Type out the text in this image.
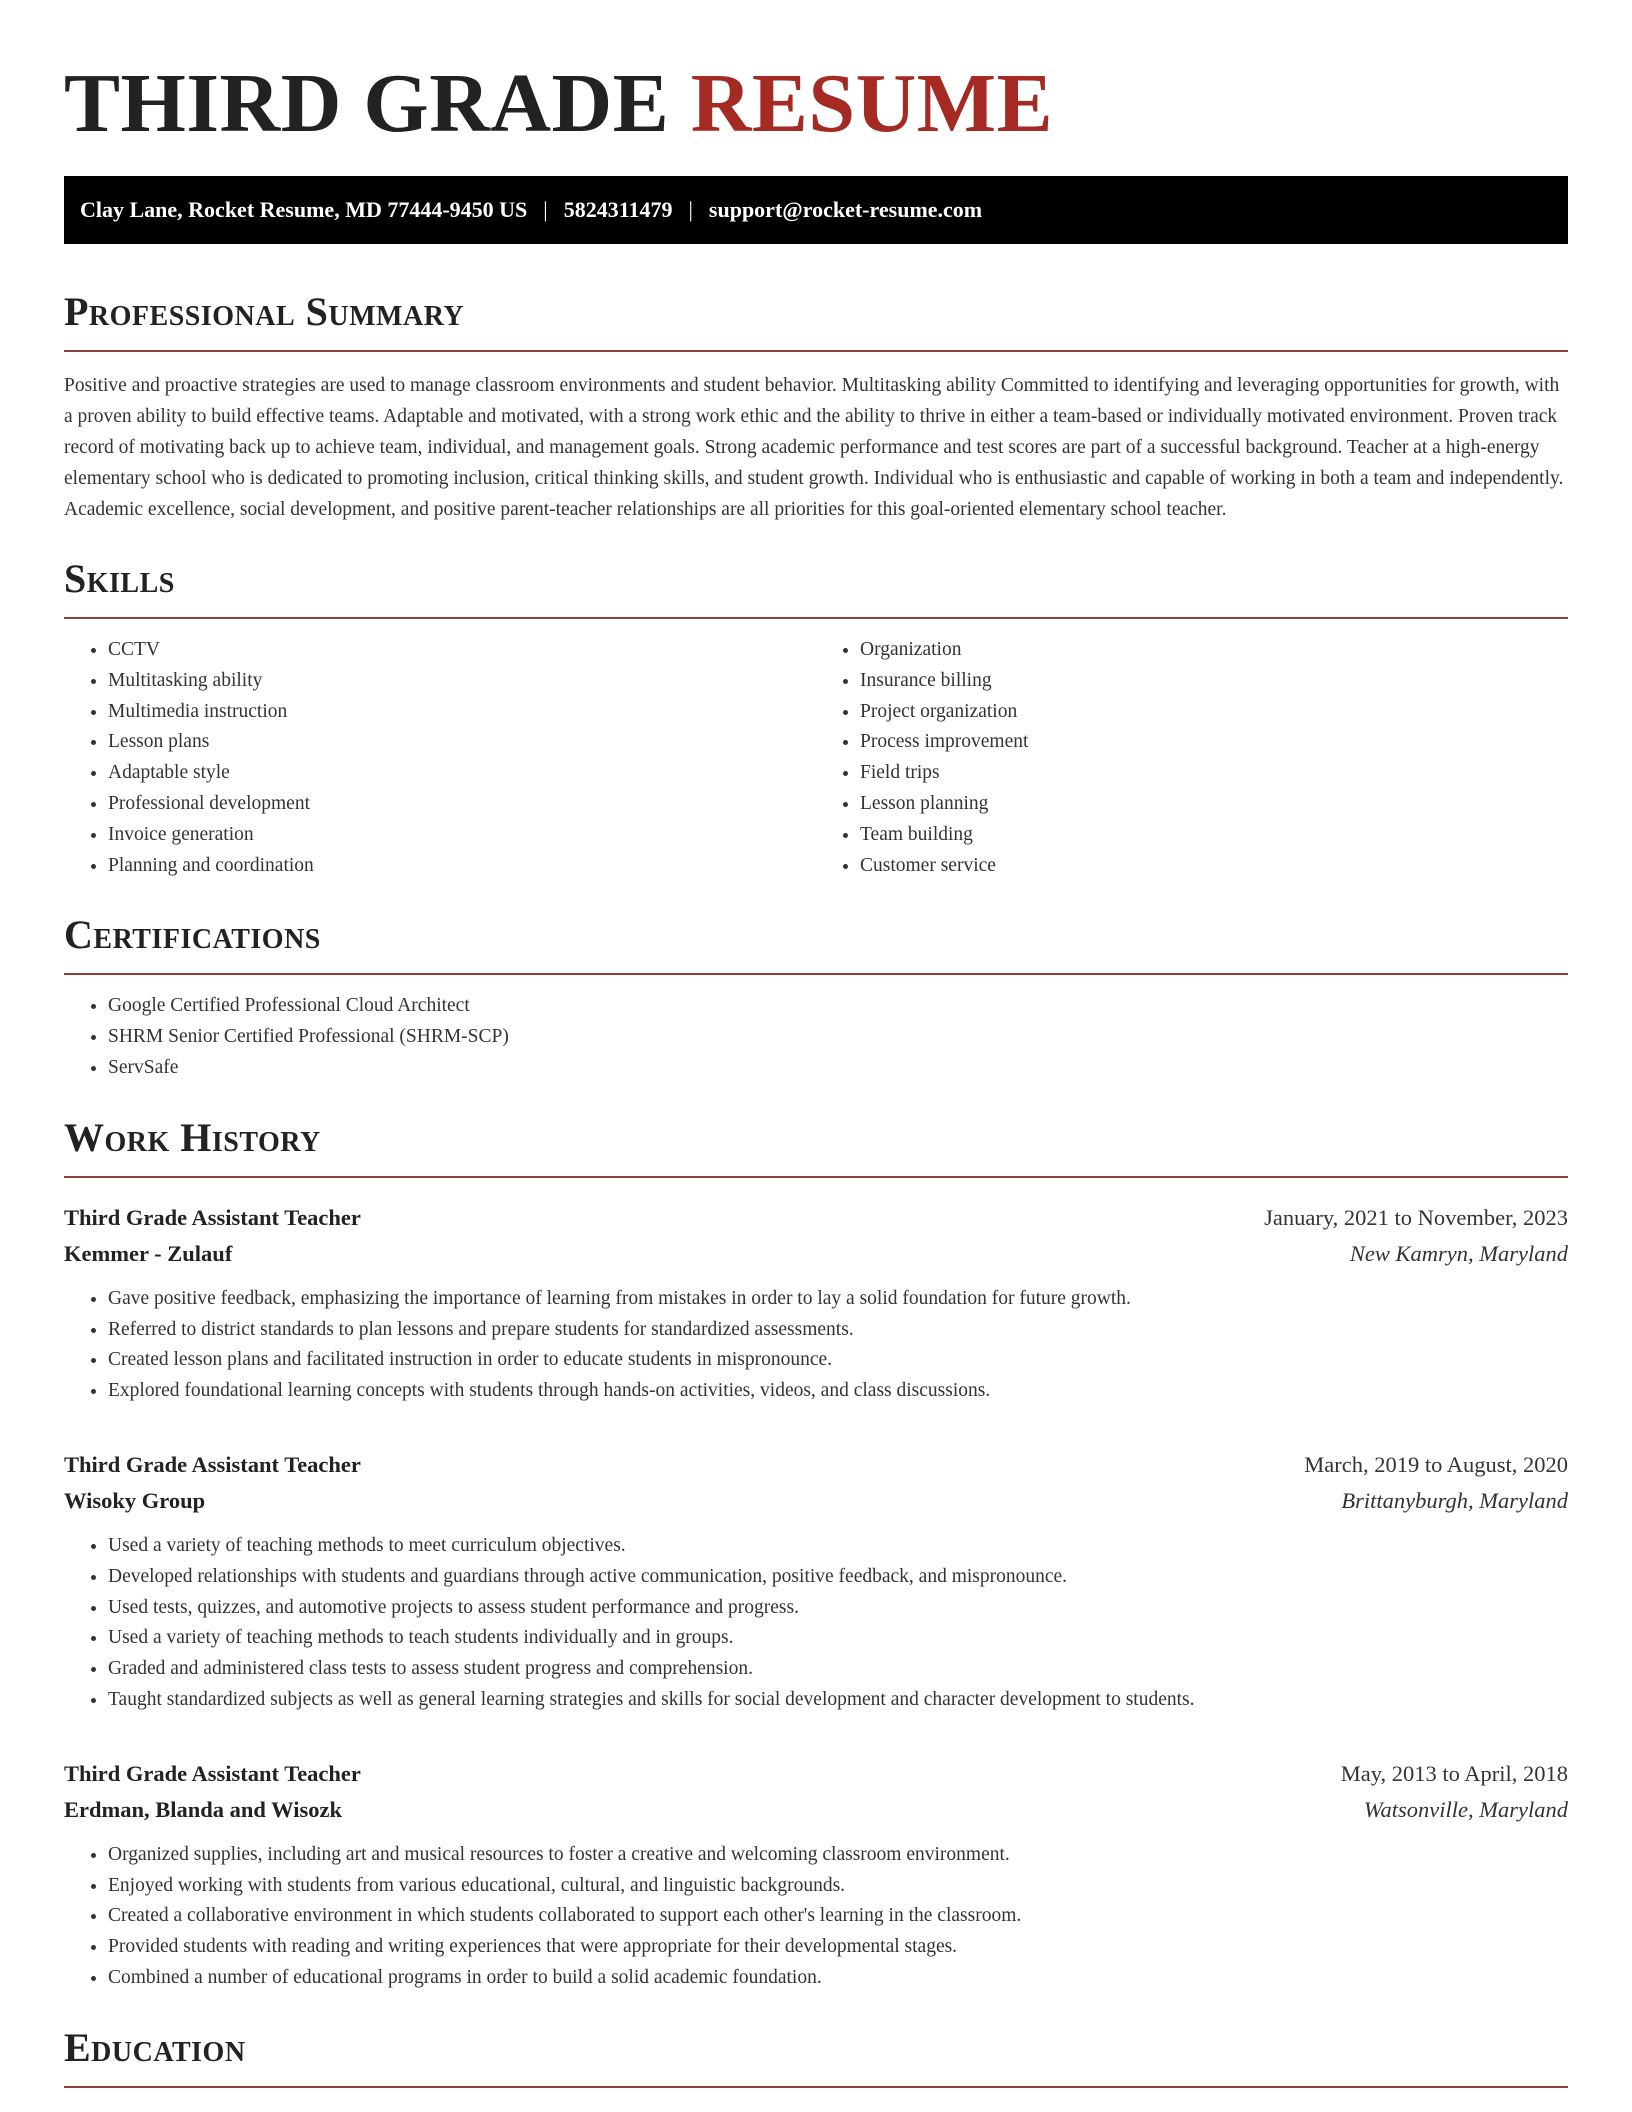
THIRD GRADE RESUME
Clay Lane, Rocket Resume, MD 77444-9450 US | 5824311479 | support@rocket-resume.com
Professional Summary

Positive and proactive strategies are used to manage classroom environments and student behavior. Multitasking ability Committed to identifying and leveraging opportunities for growth, with a proven ability to build effective teams. Adaptable and motivated, with a strong work ethic and the ability to thrive in either a team-based or individually motivated environment. Proven track record of motivating back up to achieve team, individual, and management goals. Strong academic performance and test scores are part of a successful background. Teacher at a high-energy elementary school who is dedicated to promoting inclusion, critical thinking skills, and student growth. Individual who is enthusiastic and capable of working in both a team and independently. Academic excellence, social development, and positive parent-teacher relationships are all priorities for this goal-oriented elementary school teacher.

Skills
• CCTV
• Multitasking ability
• Multimedia instruction
• Lesson plans
• Adaptable style
• Professional development
• Invoice generation
• Planning and coordination
• Organization
• Insurance billing
• Project organization
• Process improvement
• Field trips
• Lesson planning
• Team building
• Customer service
Certifications
• Google Certified Professional Cloud Architect
• SHRM Senior Certified Professional (SHRM-SCP)
• ServSafe
Work History
Third Grade Assistant Teacher	January, 2021 to November, 2023
Kemmer - Zulauf	New Kamryn, Maryland
• Gave positive feedback, emphasizing the importance of learning from mistakes in order to lay a solid foundation for future growth.
• Referred to district standards to plan lessons and prepare students for standardized assessments.
• Created lesson plans and facilitated instruction in order to educate students in mispronounce.
• Explored foundational learning concepts with students through hands-on activities, videos, and class discussions.
Third Grade Assistant Teacher	March, 2019 to August, 2020
Wisoky Group	Brittanyburgh, Maryland
• Used a variety of teaching methods to meet curriculum objectives.
• Developed relationships with students and guardians through active communication, positive feedback, and mispronounce.
• Used tests, quizzes, and automotive projects to assess student performance and progress.
• Used a variety of teaching methods to teach students individually and in groups.
• Graded and administered class tests to assess student progress and comprehension.
• Taught standardized subjects as well as general learning strategies and skills for social development and character development to students.
Third Grade Assistant Teacher	May, 2013 to April, 2018
Erdman, Blanda and Wisozk	Watsonville, Maryland
• Organized supplies, including art and musical resources to foster a creative and welcoming classroom environment.
• Enjoyed working with students from various educational, cultural, and linguistic backgrounds.
• Created a collaborative environment in which students collaborated to support each other's learning in the classroom.
• Provided students with reading and writing experiences that were appropriate for their developmental stages.
• Combined a number of educational programs in order to build a solid academic foundation.
Education
